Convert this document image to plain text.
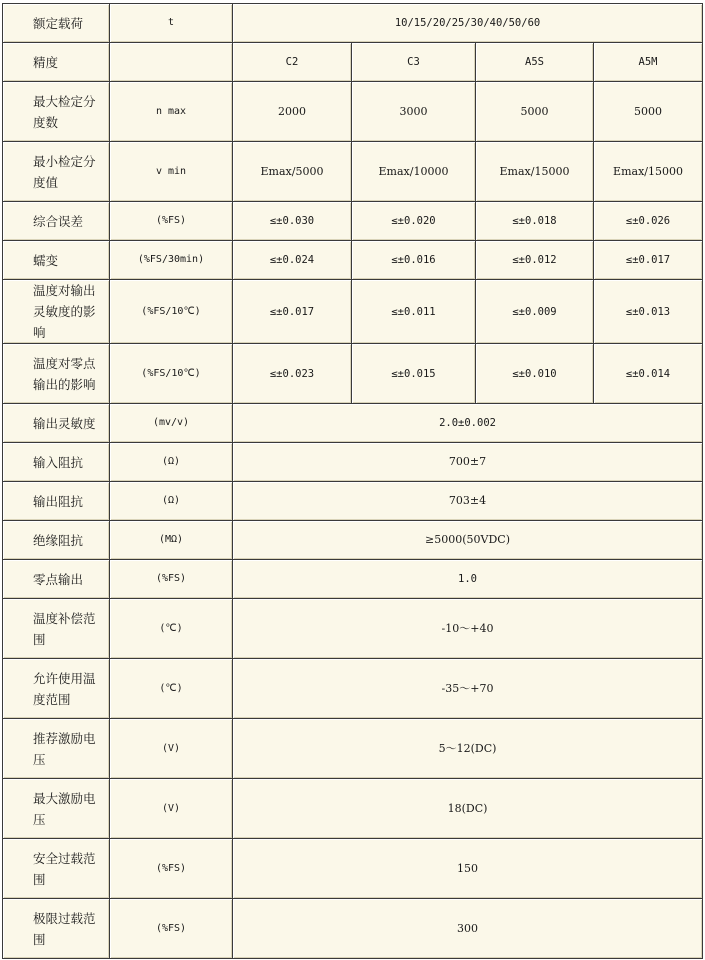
额定载荷	t	10/15/20/25/30/40/50/60			
精度		C2	C3	A5S	A5M
最大检定分度数	n max	2000	3000	5000	5000
最小检定分度值	v min	Emax/5000	Emax/10000	Emax/15000	Emax/15000
综合误差	(%FS)	≤±0.030	≤±0.020	≤±0.018	≤±0.026
蠕变	(%FS/30min)	≤±0.024	≤±0.016	≤±0.012	≤±0.017
温度对输出灵敏度的影响	(%FS/10℃)	≤±0.017	≤±0.011	≤±0.009	≤±0.013
温度对零点输出的影响	(%FS/10℃)	≤±0.023	≤±0.015	≤±0.010	≤±0.014
输出灵敏度	(mv/v)	2.0±0.002			
输入阻抗	(Ω)	700±7			
输出阻抗	(Ω)	703±4			
绝缘阻抗	(MΩ)	≥5000(50VDC)			
零点输出	(%FS)	1.0			
温度补偿范围	(℃)	-10～+40			
允许使用温度范围	(℃)	-35～+70			
推荐激励电压	(V)	5～12(DC)			
最大激励电压	(V)	18(DC)			
安全过载范围	(%FS)	150			
极限过载范围	(%FS)	300			
